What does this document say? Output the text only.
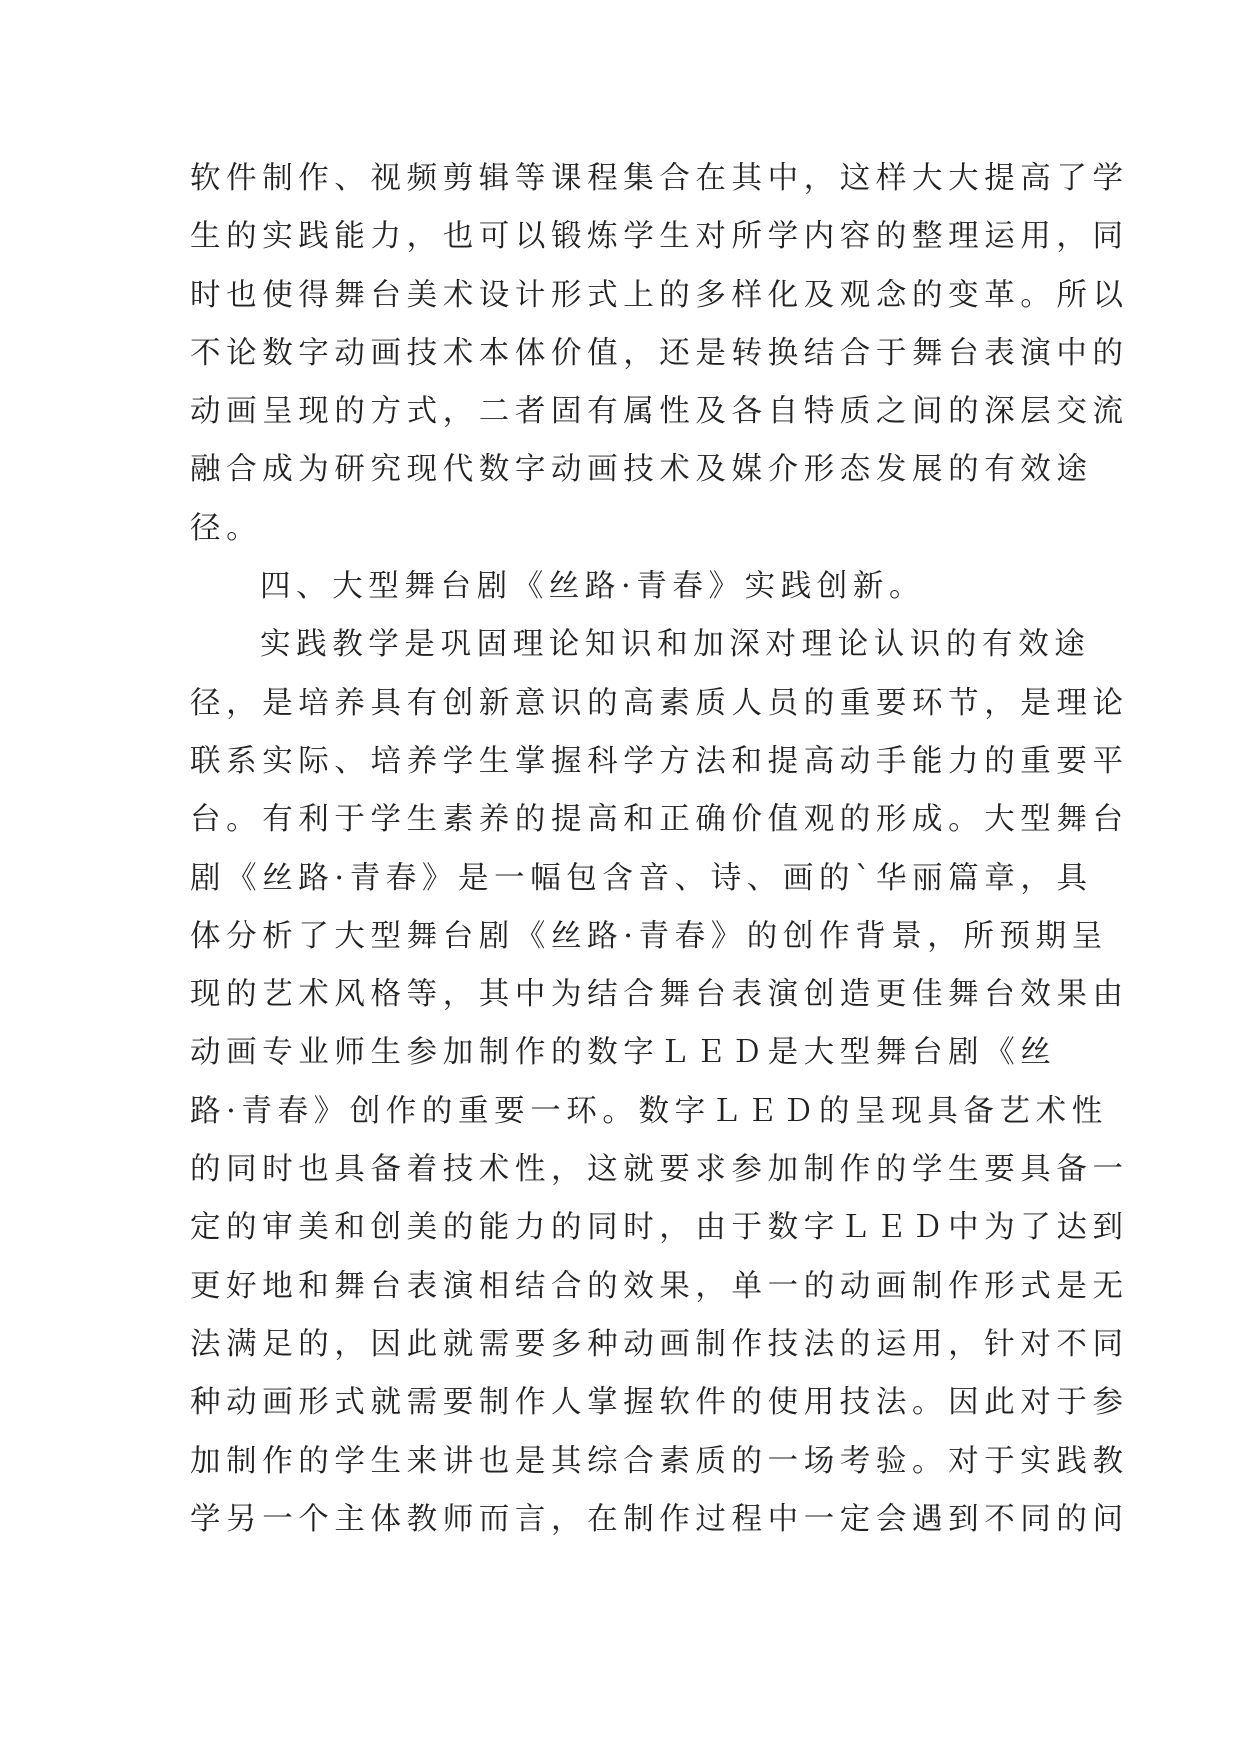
软件制作、视频剪辑等课程集合在其中，这样大大提高了学
生的实践能力，也可以锻炼学生对所学内容的整理运用，同
时也使得舞台美术设计形式上的多样化及观念的变革。所以
不论数字动画技术本体价值，还是转换结合于舞台表演中的
动画呈现的方式，二者固有属性及各自特质之间的深层交流
融合成为研究现代数字动画技术及媒介形态发展的有效途
径。
四、大型舞台剧《丝路·青春》实践创新。
实践教学是巩固理论知识和加深对理论认识的有效途
径，是培养具有创新意识的高素质人员的重要环节，是理论
联系实际、培养学生掌握科学方法和提高动手能力的重要平
台。有利于学生素养的提高和正确价值观的形成。大型舞台
剧《丝路·青春》是一幅包含音、诗、画的`华丽篇章，具
体分析了大型舞台剧《丝路·青春》的创作背景，所预期呈
现的艺术风格等，其中为结合舞台表演创造更佳舞台效果由
动画专业师生参加制作的数字ＬＥＤ是大型舞台剧《丝
路·青春》创作的重要一环。数字ＬＥＤ的呈现具备艺术性
的同时也具备着技术性，这就要求参加制作的学生要具备一
定的审美和创美的能力的同时，由于数字ＬＥＤ中为了达到
更好地和舞台表演相结合的效果，单一的动画制作形式是无
法满足的，因此就需要多种动画制作技法的运用，针对不同
种动画形式就需要制作人掌握软件的使用技法。因此对于参
加制作的学生来讲也是其综合素质的一场考验。对于实践教
学另一个主体教师而言，在制作过程中一定会遇到不同的问
